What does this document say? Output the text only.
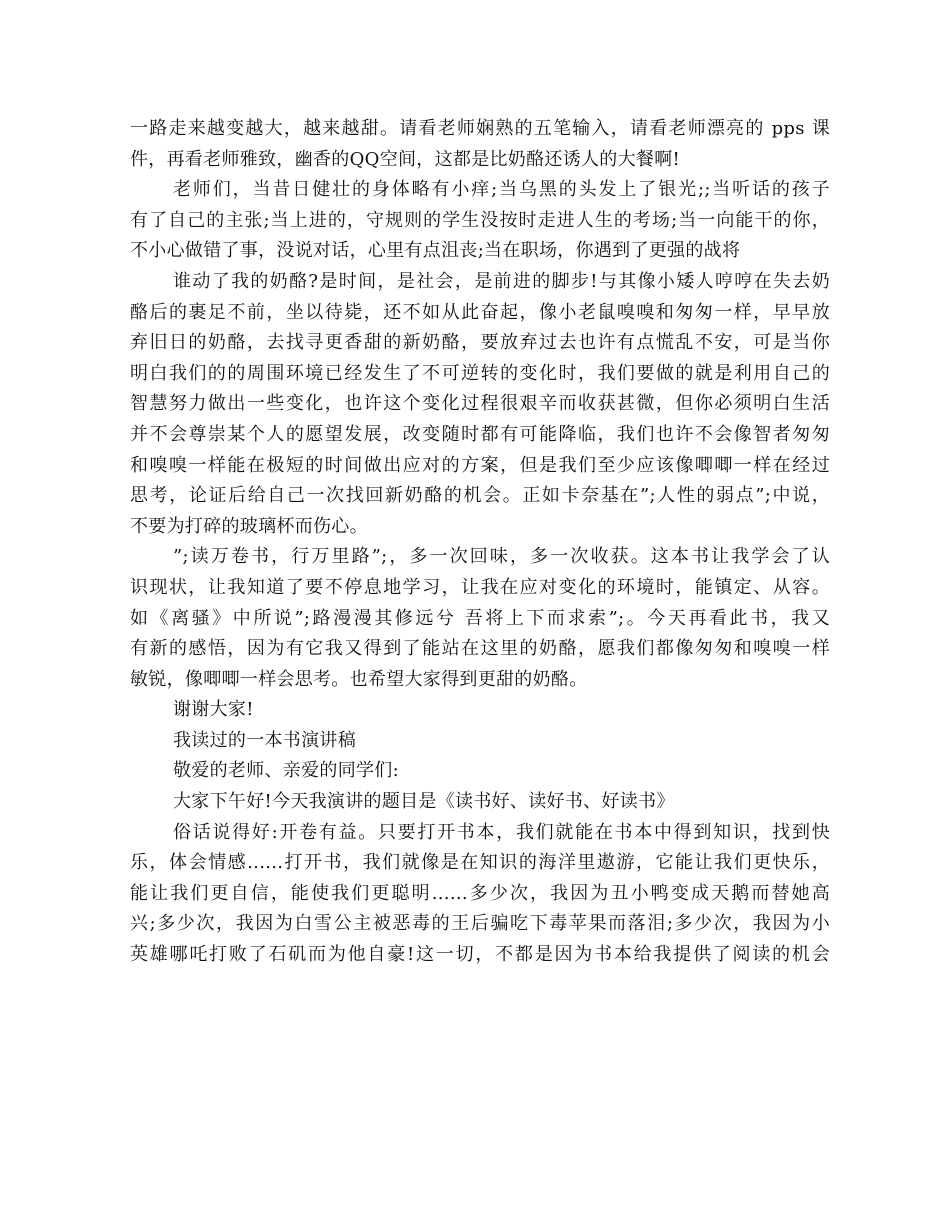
一路走来越变越大，越来越甜。请看老师娴熟的五笔输入，请看老师漂亮的 pps 课
件，再看老师雅致，幽香的QQ空间，这都是比奶酪还诱人的大餐啊!
老师们，当昔日健壮的身体略有小痒;当乌黑的头发上了银光;;当听话的孩子
有了自己的主张;当上进的，守规则的学生没按时走进人生的考场;当一向能干的你，
不小心做错了事，没说对话，心里有点沮丧;当在职场，你遇到了更强的战将
谁动了我的奶酪?是时间，是社会，是前进的脚步!与其像小矮人哼哼在失去奶
酪后的裹足不前，坐以待毙，还不如从此奋起，像小老鼠嗅嗅和匆匆一样，早早放
弃旧日的奶酪，去找寻更香甜的新奶酪，要放弃过去也许有点慌乱不安，可是当你
明白我们的的周围环境已经发生了不可逆转的变化时，我们要做的就是利用自己的
智慧努力做出一些变化，也许这个变化过程很艰辛而收获甚微，但你必须明白生活
并不会尊崇某个人的愿望发展，改变随时都有可能降临，我们也许不会像智者匆匆
和嗅嗅一样能在极短的时间做出应对的方案，但是我们至少应该像唧唧一样在经过
思考，论证后给自己一次找回新奶酪的机会。正如卡奈基在”;人性的弱点”;中说，
不要为打碎的玻璃杯而伤心。
”;读万卷书，行万里路”;，多一次回味，多一次收获。这本书让我学会了认
识现状，让我知道了要不停息地学习，让我在应对变化的环境时，能镇定、从容。
如《离骚》中所说”;路漫漫其修远兮 吾将上下而求索”;。今天再看此书，我又
有新的感悟，因为有它我又得到了能站在这里的奶酪，愿我们都像匆匆和嗅嗅一样
敏锐，像唧唧一样会思考。也希望大家得到更甜的奶酪。
谢谢大家!
我读过的一本书演讲稿
敬爱的老师、亲爱的同学们:
大家下午好!今天我演讲的题目是《读书好、读好书、好读书》
俗话说得好:开卷有益。只要打开书本，我们就能在书本中得到知识，找到快
乐，体会情感......打开书，我们就像是在知识的海洋里遨游，它能让我们更快乐，
能让我们更自信，能使我们更聪明......多少次，我因为丑小鸭变成天鹅而替她高
兴;多少次，我因为白雪公主被恶毒的王后骗吃下毒苹果而落泪;多少次，我因为小
英雄哪吒打败了石矶而为他自豪!这一切，不都是因为书本给我提供了阅读的机会
